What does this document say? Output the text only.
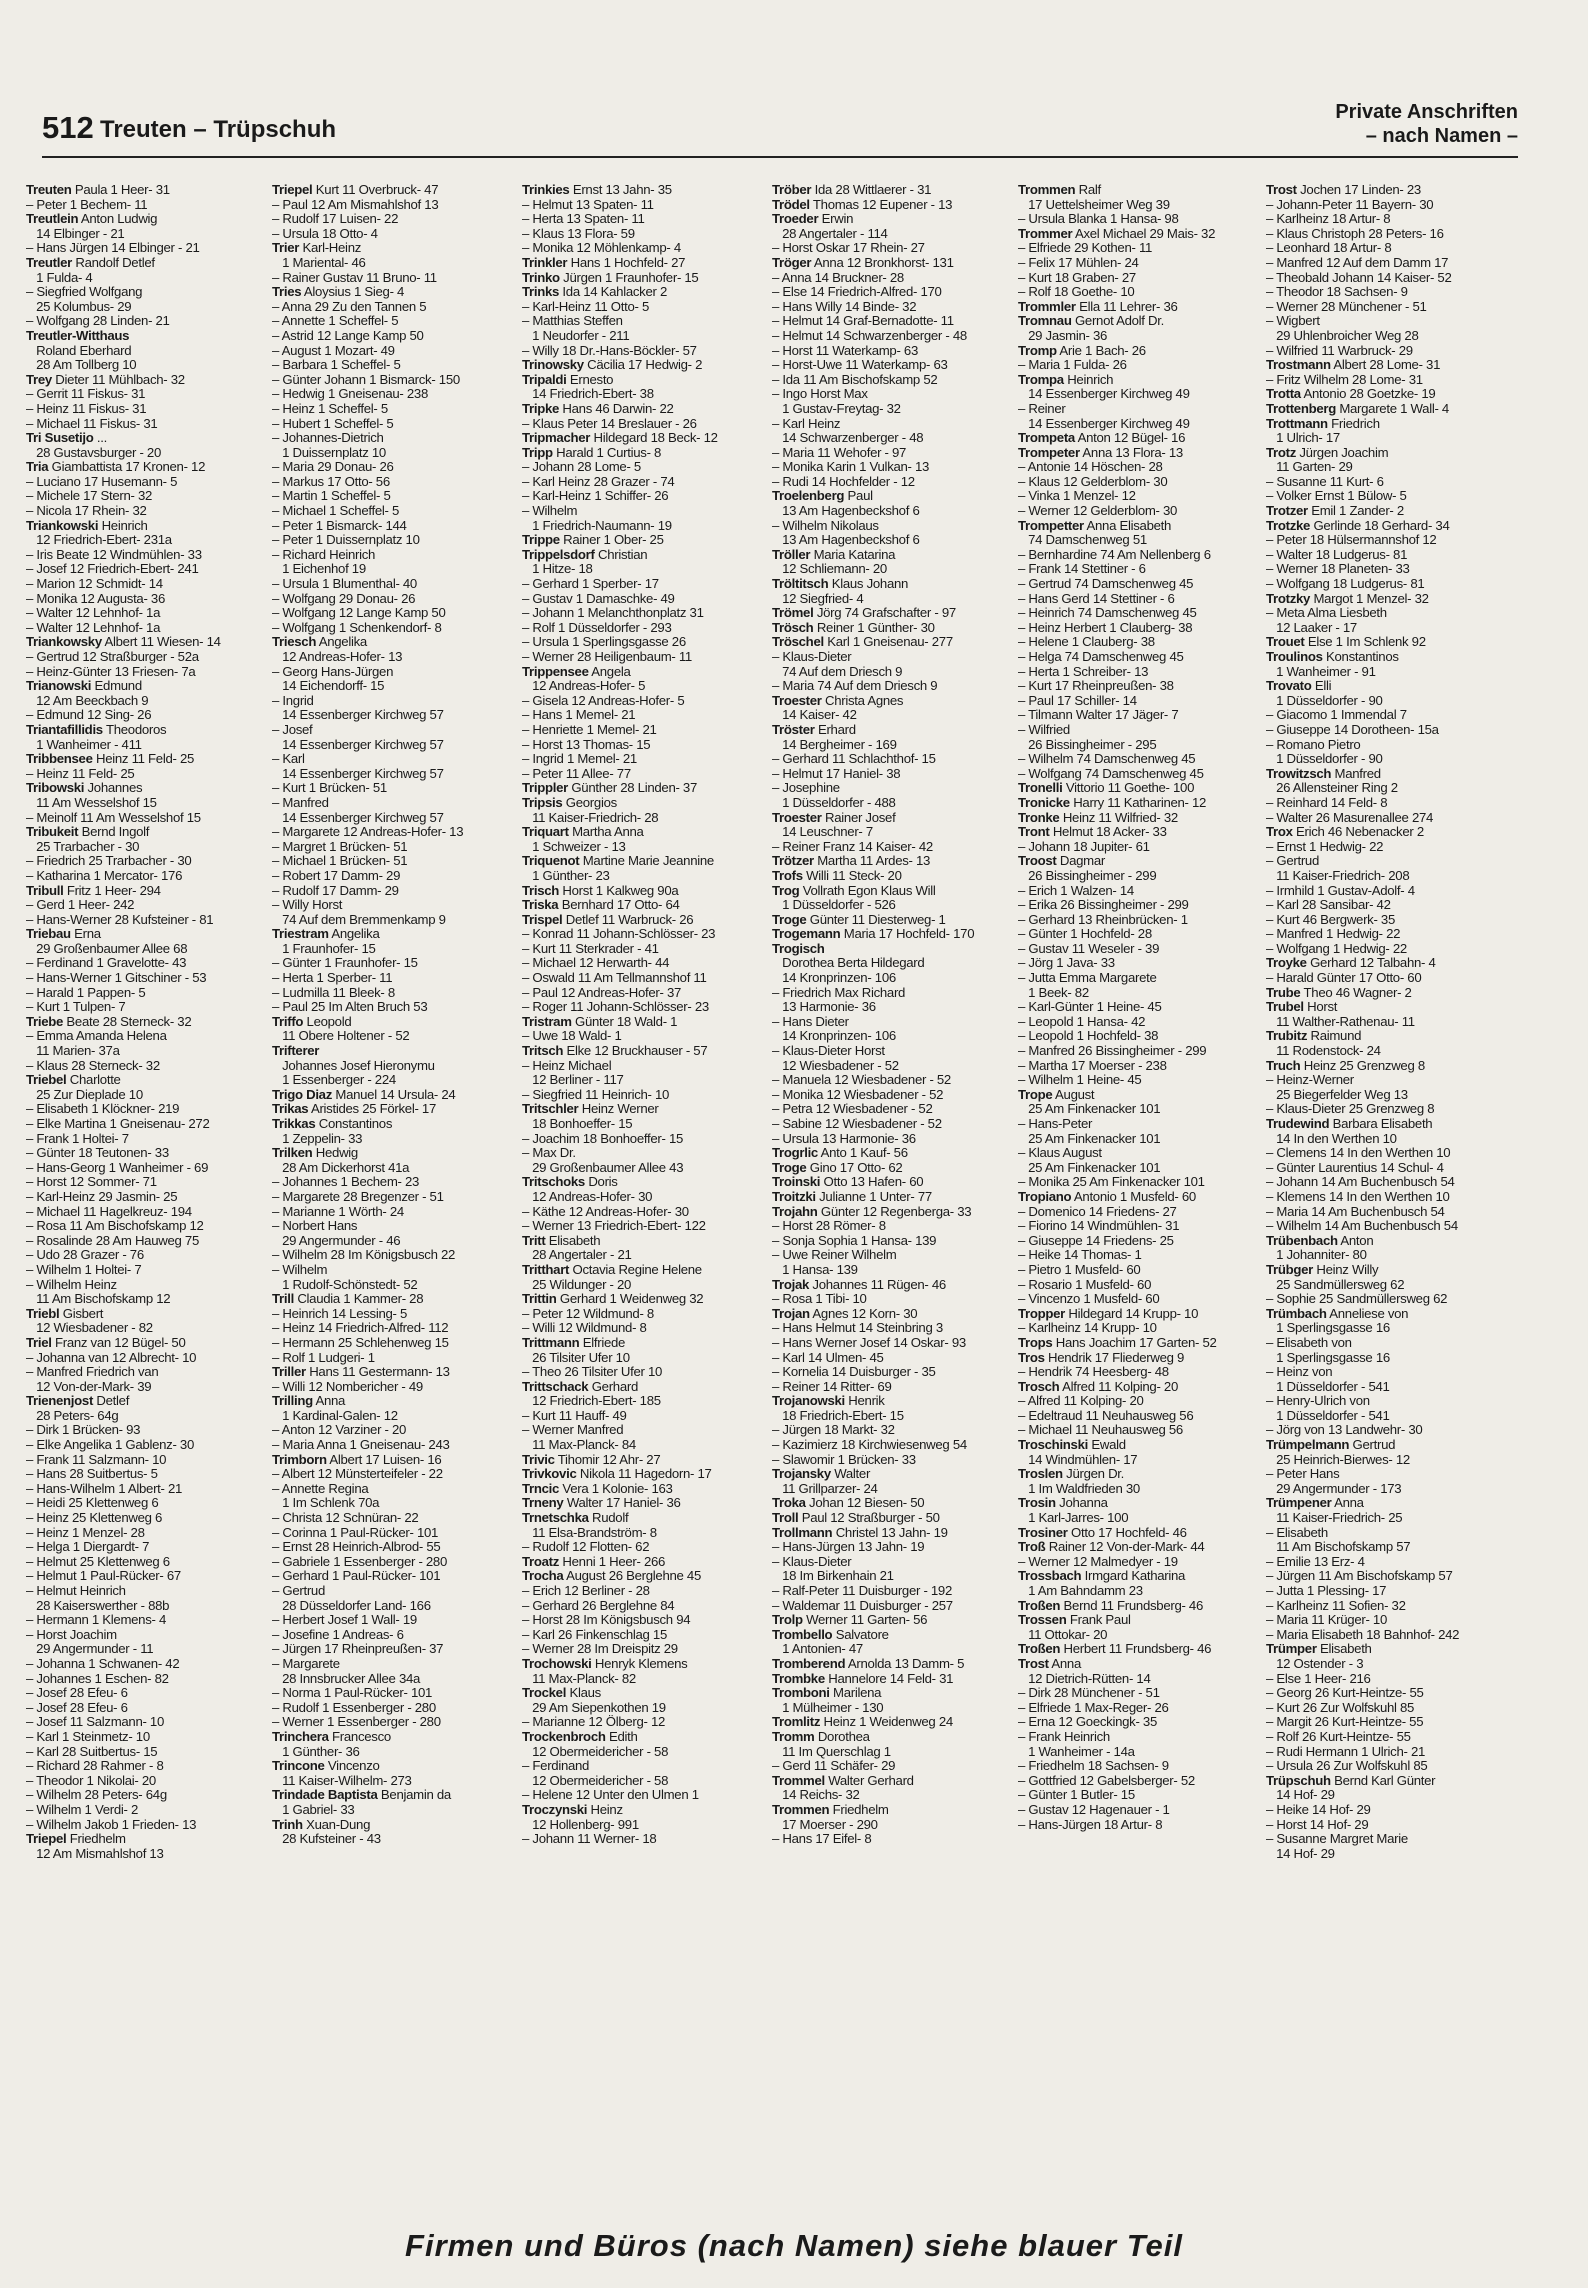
512 Treuten – Trüpschuh
Private Anschriften
– nach Namen –
Treuten Paula 1 Heer- 31
– Peter 1 Bechem- 11
Treutlein Anton Ludwig
14 Elbinger - 21
– Hans Jürgen 14 Elbinger - 21
Treutler Randolf Detlef
1 Fulda- 4
– Siegfried Wolfgang
25 Kolumbus- 29
– Wolfgang 28 Linden- 21
Treutler-Witthaus
Roland Eberhard
28 Am Tollberg 10
Trey Dieter 11 Mühlbach- 32
– Gerrit 11 Fiskus- 31
– Heinz 11 Fiskus- 31
– Michael 11 Fiskus- 31
Tri Susetijo ...
28 Gustavsburger - 20
Tria Giambattista 17 Kronen- 12
– Luciano 17 Husemann- 5
– Michele 17 Stern- 32
– Nicola 17 Rhein- 32
Triankowski Heinrich
12 Friedrich-Ebert- 231a
– Iris Beate 12 Windmühlen- 33
– Josef 12 Friedrich-Ebert- 241
– Marion 12 Schmidt- 14
– Monika 12 Augusta- 36
– Walter 12 Lehnhof- 1a
– Walter 12 Lehnhof- 1a
Triankowsky Albert 11 Wiesen- 14
– Gertrud 12 Straßburger - 52a
– Heinz-Günter 13 Friesen- 7a
Trianowski Edmund
12 Am Beeckbach 9
– Edmund 12 Sing- 26
Triantafillidis Theodoros
1 Wanheimer - 411
Tribbensee Heinz 11 Feld- 25
– Heinz 11 Feld- 25
Tribowski Johannes
11 Am Wesselshof 15
– Meinolf 11 Am Wesselshof 15
Tribukeit Bernd Ingolf
25 Trarbacher - 30
– Friedrich 25 Trarbacher - 30
– Katharina 1 Mercator- 176
Tribull Fritz 1 Heer- 294
– Gerd 1 Heer- 242
– Hans-Werner 28 Kufsteiner - 81
Triebau Erna
29 Großenbaumer Allee 68
– Ferdinand 1 Gravelotte- 43
– Hans-Werner 1 Gitschiner - 53
– Harald 1 Pappen- 5
– Kurt 1 Tulpen- 7
Triebe Beate 28 Sterneck- 32
– Emma Amanda Helena
11 Marien- 37a
– Klaus 28 Sterneck- 32
Triebel Charlotte
25 Zur Dieplade 10
– Elisabeth 1 Klöckner- 219
– Elke Martina 1 Gneisenau- 272
– Frank 1 Holtei- 7
– Günter 18 Teutonen- 33
– Hans-Georg 1 Wanheimer - 69
– Horst 12 Sommer- 71
– Karl-Heinz 29 Jasmin- 25
– Michael 11 Hagelkreuz- 194
– Rosa 11 Am Bischofskamp 12
– Rosalinde 28 Am Hauweg 75
– Udo 28 Grazer - 76
– Wilhelm 1 Holtei- 7
– Wilhelm Heinz
11 Am Bischofskamp 12
Triebl Gisbert
12 Wiesbadener - 82
Triel Franz van 12 Bügel- 50
– Johanna van 12 Albrecht- 10
– Manfred Friedrich van
12 Von-der-Mark- 39
Trienenjost Detlef
28 Peters- 64g
– Dirk 1 Brücken- 93
– Elke Angelika 1 Gablenz- 30
– Frank 11 Salzmann- 10
– Hans 28 Suitbertus- 5
– Hans-Wilhelm 1 Albert- 21
– Heidi 25 Klettenweg 6
– Heinz 25 Klettenweg 6
– Heinz 1 Menzel- 28
– Helga 1 Diergardt- 7
– Helmut 25 Klettenweg 6
– Helmut 1 Paul-Rücker- 67
– Helmut Heinrich
28 Kaiserswerther - 88b
– Hermann 1 Klemens- 4
– Horst Joachim
29 Angermunder - 11
– Johanna 1 Schwanen- 42
– Johannes 1 Eschen- 82
– Josef 28 Efeu- 6
– Josef 28 Efeu- 6
– Josef 11 Salzmann- 10
– Karl 1 Steinmetz- 10
– Karl 28 Suitbertus- 15
– Richard 28 Rahmer - 8
– Theodor 1 Nikolai- 20
– Wilhelm 28 Peters- 64g
– Wilhelm 1 Verdi- 2
– Wilhelm Jakob 1 Frieden- 13
Triepel Friedhelm
12 Am Mismahlshof 13
Triepel Kurt 11 Overbruck- 47
– Paul 12 Am Mismahlshof 13
– Rudolf 17 Luisen- 22
– Ursula 18 Otto- 4
Trier Karl-Heinz
1 Mariental- 46
– Rainer Gustav 11 Bruno- 11
Tries Aloysius 1 Sieg- 4
– Anna 29 Zu den Tannen 5
– Annette 1 Scheffel- 5
– Astrid 12 Lange Kamp 50
– August 1 Mozart- 49
– Barbara 1 Scheffel- 5
– Günter Johann 1 Bismarck- 150
– Hedwig 1 Gneisenau- 238
– Heinz 1 Scheffel- 5
– Hubert 1 Scheffel- 5
– Johannes-Dietrich
1 Duissernplatz 10
– Maria 29 Donau- 26
– Markus 17 Otto- 56
– Martin 1 Scheffel- 5
– Michael 1 Scheffel- 5
– Peter 1 Bismarck- 144
– Peter 1 Duissernplatz 10
– Richard Heinrich
1 Eichenhof 19
– Ursula 1 Blumenthal- 40
– Wolfgang 29 Donau- 26
– Wolfgang 12 Lange Kamp 50
– Wolfgang 1 Schenkendorf- 8
Triesch Angelika
12 Andreas-Hofer- 13
– Georg Hans-Jürgen
14 Eichendorff- 15
– Ingrid
14 Essenberger Kirchweg 57
– Josef
14 Essenberger Kirchweg 57
– Karl
14 Essenberger Kirchweg 57
– Kurt 1 Brücken- 51
– Manfred
14 Essenberger Kirchweg 57
– Margarete 12 Andreas-Hofer- 13
– Margret 1 Brücken- 51
– Michael 1 Brücken- 51
– Robert 17 Damm- 29
– Rudolf 17 Damm- 29
– Willy Horst
74 Auf dem Bremmenkamp 9
Triestram Angelika
1 Fraunhofer- 15
– Günter 1 Fraunhofer- 15
– Herta 1 Sperber- 11
– Ludmilla 11 Bleek- 8
– Paul 25 Im Alten Bruch 53
Triffo Leopold
11 Obere Holtener - 52
Trifterer
Johannes Josef Hieronymu
1 Essenberger - 224
Trigo Diaz Manuel 14 Ursula- 24
Trikas Aristides 25 Förkel- 17
Trikkas Constantinos
1 Zeppelin- 33
Trilken Hedwig
28 Am Dickerhorst 41a
– Johannes 1 Bechem- 23
– Margarete 28 Bregenzer - 51
– Marianne 1 Wörth- 24
– Norbert Hans
29 Angermunder - 46
– Wilhelm 28 Im Königsbusch 22
– Wilhelm
1 Rudolf-Schönstedt- 52
Trill Claudia 1 Kammer- 28
– Heinrich 14 Lessing- 5
– Heinz 14 Friedrich-Alfred- 112
– Hermann 25 Schlehenweg 15
– Rolf 1 Ludgeri- 1
Triller Hans 11 Gestermann- 13
– Willi 12 Nombericher - 49
Trilling Anna
1 Kardinal-Galen- 12
– Anton 12 Varziner - 20
– Maria Anna 1 Gneisenau- 243
Trimborn Albert 17 Luisen- 16
– Albert 12 Münsterteifeler - 22
– Annette Regina
1 Im Schlenk 70a
– Christa 12 Schnüran- 22
– Corinna 1 Paul-Rücker- 101
– Ernst 28 Heinrich-Albrod- 55
– Gabriele 1 Essenberger - 280
– Gerhard 1 Paul-Rücker- 101
– Gertrud
28 Düsseldorfer Land- 166
– Herbert Josef 1 Wall- 19
– Josefine 1 Andreas- 6
– Jürgen 17 Rheinpreußen- 37
– Margarete
28 Innsbrucker Allee 34a
– Norma 1 Paul-Rücker- 101
– Rudolf 1 Essenberger - 280
– Werner 1 Essenberger - 280
Trinchera Francesco
1 Günther- 36
Trincone Vincenzo
11 Kaiser-Wilhelm- 273
Trindade Baptista Benjamin da
1 Gabriel- 33
Trinh Xuan-Dung
28 Kufsteiner - 43
Trinkies Ernst 13 Jahn- 35
– Helmut 13 Spaten- 11
– Herta 13 Spaten- 11
– Klaus 13 Flora- 59
– Monika 12 Möhlenkamp- 4
Trinkler Hans 1 Hochfeld- 27
Trinko Jürgen 1 Fraunhofer- 15
Trinks Ida 14 Kahlacker 2
– Karl-Heinz 11 Otto- 5
– Matthias Steffen
1 Neudorfer - 211
– Willy 18 Dr.-Hans-Böckler- 57
Trinowsky Cäcilia 17 Hedwig- 2
Tripaldi Ernesto
14 Friedrich-Ebert- 38
Tripke Hans 46 Darwin- 22
– Klaus Peter 14 Breslauer - 26
Tripmacher Hildegard 18 Beck- 12
Tripp Harald 1 Curtius- 8
– Johann 28 Lome- 5
– Karl Heinz 28 Grazer - 74
– Karl-Heinz 1 Schiffer- 26
– Wilhelm
1 Friedrich-Naumann- 19
Trippe Rainer 1 Ober- 25
Trippelsdorf Christian
1 Hitze- 18
– Gerhard 1 Sperber- 17
– Gustav 1 Damaschke- 49
– Johann 1 Melanchthonplatz 31
– Rolf 1 Düsseldorfer - 293
– Ursula 1 Sperlingsgasse 26
– Werner 28 Heiligenbaum- 11
Trippensee Angela
12 Andreas-Hofer- 5
– Gisela 12 Andreas-Hofer- 5
– Hans 1 Memel- 21
– Henriette 1 Memel- 21
– Horst 13 Thomas- 15
– Ingrid 1 Memel- 21
– Peter 11 Allee- 77
Trippler Günther 28 Linden- 37
Tripsis Georgios
11 Kaiser-Friedrich- 28
Triquart Martha Anna
1 Schweizer - 13
Triquenot Martine Marie Jeannine
1 Günther- 23
Trisch Horst 1 Kalkweg 90a
Triska Bernhard 17 Otto- 64
Trispel Detlef 11 Warbruck- 26
– Konrad 11 Johann-Schlösser- 23
– Kurt 11 Sterkrader - 41
– Michael 12 Herwarth- 44
– Oswald 11 Am Tellmannshof 11
– Paul 12 Andreas-Hofer- 37
– Roger 11 Johann-Schlösser- 23
Tristram Günter 18 Wald- 1
– Uwe 18 Wald- 1
Tritsch Elke 12 Bruckhauser - 57
– Heinz Michael
12 Berliner - 117
– Siegfried 11 Heinrich- 10
Tritschler Heinz Werner
18 Bonhoeffer- 15
– Joachim 18 Bonhoeffer- 15
– Max Dr.
29 Großenbaumer Allee 43
Tritschoks Doris
12 Andreas-Hofer- 30
– Käthe 12 Andreas-Hofer- 30
– Werner 13 Friedrich-Ebert- 122
Tritt Elisabeth
28 Angertaler - 21
Tritthart Octavia Regine Helene
25 Wildunger - 20
Trittin Gerhard 1 Weidenweg 32
– Peter 12 Wildmund- 8
– Willi 12 Wildmund- 8
Trittmann Elfriede
26 Tilsiter Ufer 10
– Theo 26 Tilsiter Ufer 10
Trittschack Gerhard
12 Friedrich-Ebert- 185
– Kurt 11 Hauff- 49
– Werner Manfred
11 Max-Planck- 84
Trivic Tihomir 12 Ahr- 27
Trivkovic Nikola 11 Hagedorn- 17
Trncic Vera 1 Kolonie- 163
Trneny Walter 17 Haniel- 36
Trnetschka Rudolf
11 Elsa-Brandström- 8
– Rudolf 12 Flotten- 62
Troatz Henni 1 Heer- 266
Trocha August 26 Berglehne 45
– Erich 12 Berliner - 28
– Gerhard 26 Berglehne 84
– Horst 28 Im Königsbusch 94
– Karl 26 Finkenschlag 15
– Werner 28 Im Dreispitz 29
Trochowski Henryk Klemens
11 Max-Planck- 82
Trockel Klaus
29 Am Siepenkothen 19
– Marianne 12 Ölberg- 12
Trockenbroch Edith
12 Obermeidericher - 58
– Ferdinand
12 Obermeidericher - 58
– Helene 12 Unter den Ulmen 1
Troczynski Heinz
12 Hollenberg- 991
– Johann 11 Werner- 18
Tröber Ida 28 Wittlaerer - 31
Trödel Thomas 12 Eupener - 13
Troeder Erwin
28 Angertaler - 114
– Horst Oskar 17 Rhein- 27
Tröger Anna 12 Bronkhorst- 131
– Anna 14 Bruckner- 28
– Else 14 Friedrich-Alfred- 170
– Hans Willy 14 Binde- 32
– Helmut 14 Graf-Bernadotte- 11
– Helmut 14 Schwarzenberger - 48
– Horst 11 Waterkamp- 63
– Horst-Uwe 11 Waterkamp- 63
– Ida 11 Am Bischofskamp 52
– Ingo Horst Max
1 Gustav-Freytag- 32
– Karl Heinz
14 Schwarzenberger - 48
– Maria 11 Wehofer - 97
– Monika Karin 1 Vulkan- 13
– Rudi 14 Hochfelder - 12
Troelenberg Paul
13 Am Hagenbeckshof 6
– Wilhelm Nikolaus
13 Am Hagenbeckshof 6
Tröller Maria Katarina
12 Schliemann- 20
Tröltitsch Klaus Johann
12 Siegfried- 4
Trömel Jörg 74 Grafschafter - 97
Trösch Reiner 1 Günther- 30
Tröschel Karl 1 Gneisenau- 277
– Klaus-Dieter
74 Auf dem Driesch 9
– Maria 74 Auf dem Driesch 9
Troester Christa Agnes
14 Kaiser- 42
Tröster Erhard
14 Bergheimer - 169
– Gerhard 11 Schlachthof- 15
– Helmut 17 Haniel- 38
– Josephine
1 Düsseldorfer - 488
Troester Rainer Josef
14 Leuschner- 7
– Reiner Franz 14 Kaiser- 42
Trötzer Martha 11 Ardes- 13
Trofs Willi 11 Steck- 20
Trog Vollrath Egon Klaus Will
1 Düsseldorfer - 526
Troge Günter 11 Diesterweg- 1
Trogemann Maria 17 Hochfeld- 170
Trogisch
Dorothea Berta Hildegard
14 Kronprinzen- 106
– Friedrich Max Richard
13 Harmonie- 36
– Hans Dieter
14 Kronprinzen- 106
– Klaus-Dieter Horst
12 Wiesbadener - 52
– Manuela 12 Wiesbadener - 52
– Monika 12 Wiesbadener - 52
– Petra 12 Wiesbadener - 52
– Sabine 12 Wiesbadener - 52
– Ursula 13 Harmonie- 36
Trogrlic Anto 1 Kauf- 56
Troge Gino 17 Otto- 62
Troinski Otto 13 Hafen- 60
Troitzki Julianne 1 Unter- 77
Trojahn Günter 12 Regenberga- 33
– Horst 28 Römer- 8
– Sonja Sophia 1 Hansa- 139
– Uwe Reiner Wilhelm
1 Hansa- 139
Trojak Johannes 11 Rügen- 46
– Rosa 1 Tibi- 10
Trojan Agnes 12 Korn- 30
– Hans Helmut 14 Steinbring 3
– Hans Werner Josef 14 Oskar- 93
– Karl 14 Ulmen- 45
– Kornelia 14 Duisburger - 35
– Reiner 14 Ritter- 69
Trojanowski Henrik
18 Friedrich-Ebert- 15
– Jürgen 18 Markt- 32
– Kazimierz 18 Kirchwiesenweg 54
– Slawomir 1 Brücken- 33
Trojansky Walter
11 Grillparzer- 24
Troka Johan 12 Biesen- 50
Troll Paul 12 Straßburger - 50
Trollmann Christel 13 Jahn- 19
– Hans-Jürgen 13 Jahn- 19
– Klaus-Dieter
18 Im Birkenhain 21
– Ralf-Peter 11 Duisburger - 192
– Waldemar 11 Duisburger - 257
Trolp Werner 11 Garten- 56
Trombello Salvatore
1 Antonien- 47
Tromberend Arnolda 13 Damm- 5
Trombke Hannelore 14 Feld- 31
Tromboni Marilena
1 Mülheimer - 130
Tromlitz Heinz 1 Weidenweg 24
Tromm Dorothea
11 Im Querschlag 1
– Gerd 11 Schäfer- 29
Trommel Walter Gerhard
14 Reichs- 32
Trommen Friedhelm
17 Moerser - 290
– Hans 17 Eifel- 8
Trommen Ralf
17 Uettelsheimer Weg 39
– Ursula Blanka 1 Hansa- 98
Trommer Axel Michael 29 Mais- 32
– Elfriede 29 Kothen- 11
– Felix 17 Mühlen- 24
– Kurt 18 Graben- 27
– Rolf 18 Goethe- 10
Trommler Ella 11 Lehrer- 36
Tromnau Gernot Adolf Dr.
29 Jasmin- 36
Tromp Arie 1 Bach- 26
– Maria 1 Fulda- 26
Trompa Heinrich
14 Essenberger Kirchweg 49
– Reiner
14 Essenberger Kirchweg 49
Trompeta Anton 12 Bügel- 16
Trompeter Anna 13 Flora- 13
– Antonie 14 Höschen- 28
– Klaus 12 Gelderblom- 30
– Vinka 1 Menzel- 12
– Werner 12 Gelderblom- 30
Trompetter Anna Elisabeth
74 Damschenweg 51
– Bernhardine 74 Am Nellenberg 6
– Frank 14 Stettiner - 6
– Gertrud 74 Damschenweg 45
– Hans Gerd 14 Stettiner - 6
– Heinrich 74 Damschenweg 45
– Heinz Herbert 1 Clauberg- 38
– Helene 1 Clauberg- 38
– Helga 74 Damschenweg 45
– Herta 1 Schreiber- 13
– Kurt 17 Rheinpreußen- 38
– Paul 17 Schiller- 14
– Tilmann Walter 17 Jäger- 7
– Wilfried
26 Bissingheimer - 295
– Wilhelm 74 Damschenweg 45
– Wolfgang 74 Damschenweg 45
Tronelli Vittorio 11 Goethe- 100
Tronicke Harry 11 Katharinen- 12
Tronke Heinz 11 Wilfried- 32
Tront Helmut 18 Acker- 33
– Johann 18 Jupiter- 61
Troost Dagmar
26 Bissingheimer - 299
– Erich 1 Walzen- 14
– Erika 26 Bissingheimer - 299
– Gerhard 13 Rheinbrücken- 1
– Günter 1 Hochfeld- 28
– Gustav 11 Weseler - 39
– Jörg 1 Java- 33
– Jutta Emma Margarete
1 Beek- 82
– Karl-Günter 1 Heine- 45
– Leopold 1 Hansa- 42
– Leopold 1 Hochfeld- 38
– Manfred 26 Bissingheimer - 299
– Martha 17 Moerser - 238
– Wilhelm 1 Heine- 45
Trope August
25 Am Finkenacker 101
– Hans-Peter
25 Am Finkenacker 101
– Klaus August
25 Am Finkenacker 101
– Monika 25 Am Finkenacker 101
Tropiano Antonio 1 Musfeld- 60
– Domenico 14 Friedens- 27
– Fiorino 14 Windmühlen- 31
– Giuseppe 14 Friedens- 25
– Heike 14 Thomas- 1
– Pietro 1 Musfeld- 60
– Rosario 1 Musfeld- 60
– Vincenzo 1 Musfeld- 60
Tropper Hildegard 14 Krupp- 10
– Karlheinz 14 Krupp- 10
Trops Hans Joachim 17 Garten- 52
Tros Hendrik 17 Fliederweg 9
– Hendrik 74 Heesberg- 48
Trosch Alfred 11 Kolping- 20
– Alfred 11 Kolping- 20
– Edeltraud 11 Neuhausweg 56
– Michael 11 Neuhausweg 56
Troschinski Ewald
14 Windmühlen- 17
Troslen Jürgen Dr.
1 Im Waldfrieden 30
Trosin Johanna
1 Karl-Jarres- 100
Trosiner Otto 17 Hochfeld- 46
Troß Rainer 12 Von-der-Mark- 44
– Werner 12 Malmedyer - 19
Trossbach Irmgard Katharina
1 Am Bahndamm 23
Troßen Bernd 11 Frundsberg- 46
Trossen Frank Paul
11 Ottokar- 20
Troßen Herbert 11 Frundsberg- 46
Trost Anna
12 Dietrich-Rütten- 14
– Dirk 28 Münchener - 51
– Elfriede 1 Max-Reger- 26
– Erna 12 Goeckingk- 35
– Frank Heinrich
1 Wanheimer - 14a
– Friedhelm 18 Sachsen- 9
– Gottfried 12 Gabelsberger- 52
– Günter 1 Butler- 15
– Gustav 12 Hagenauer - 1
– Hans-Jürgen 18 Artur- 8
Trost Jochen 17 Linden- 23
– Johann-Peter 11 Bayern- 30
– Karlheinz 18 Artur- 8
– Klaus Christoph 28 Peters- 16
– Leonhard 18 Artur- 8
– Manfred 12 Auf dem Damm 17
– Theobald Johann 14 Kaiser- 52
– Theodor 18 Sachsen- 9
– Werner 28 Münchener - 51
– Wigbert
29 Uhlenbroicher Weg 28
– Wilfried 11 Warbruck- 29
Trostmann Albert 28 Lome- 31
– Fritz Wilhelm 28 Lome- 31
Trotta Antonio 28 Goetzke- 19
Trottenberg Margarete 1 Wall- 4
Trottmann Friedrich
1 Ulrich- 17
Trotz Jürgen Joachim
11 Garten- 29
– Susanne 11 Kurt- 6
– Volker Ernst 1 Bülow- 5
Trotzer Emil 1 Zander- 2
Trotzke Gerlinde 18 Gerhard- 34
– Peter 18 Hülsermannshof 12
– Walter 18 Ludgerus- 81
– Werner 18 Planeten- 33
– Wolfgang 18 Ludgerus- 81
Trotzky Margot 1 Menzel- 32
– Meta Alma Liesbeth
12 Laaker - 17
Trouet Else 1 Im Schlenk 92
Troulinos Konstantinos
1 Wanheimer - 91
Trovato Elli
1 Düsseldorfer - 90
– Giacomo 1 Immendal 7
– Giuseppe 14 Dorotheen- 15a
– Romano Pietro
1 Düsseldorfer - 90
Trowitzsch Manfred
26 Allensteiner Ring 2
– Reinhard 14 Feld- 8
– Walter 26 Masurenallee 274
Trox Erich 46 Nebenacker 2
– Ernst 1 Hedwig- 22
– Gertrud
11 Kaiser-Friedrich- 208
– Irmhild 1 Gustav-Adolf- 4
– Karl 28 Sansibar- 42
– Kurt 46 Bergwerk- 35
– Manfred 1 Hedwig- 22
– Wolfgang 1 Hedwig- 22
Troyke Gerhard 12 Talbahn- 4
– Harald Günter 17 Otto- 60
Trube Theo 46 Wagner- 2
Trubel Horst
11 Walther-Rathenau- 11
Trubitz Raimund
11 Rodenstock- 24
Truch Heinz 25 Grenzweg 8
– Heinz-Werner
25 Biegerfelder Weg 13
– Klaus-Dieter 25 Grenzweg 8
Trudewind Barbara Elisabeth
14 In den Werthen 10
– Clemens 14 In den Werthen 10
– Günter Laurentius 14 Schul- 4
– Johann 14 Am Buchenbusch 54
– Klemens 14 In den Werthen 10
– Maria 14 Am Buchenbusch 54
– Wilhelm 14 Am Buchenbusch 54
Trübenbach Anton
1 Johanniter- 80
Trübger Heinz Willy
25 Sandmüllersweg 62
– Sophie 25 Sandmüllersweg 62
Trümbach Anneliese von
1 Sperlingsgasse 16
– Elisabeth von
1 Sperlingsgasse 16
– Heinz von
1 Düsseldorfer - 541
– Henry-Ulrich von
1 Düsseldorfer - 541
– Jörg von 13 Landwehr- 30
Trümpelmann Gertrud
25 Heinrich-Bierwes- 12
– Peter Hans
29 Angermunder - 173
Trümpener Anna
11 Kaiser-Friedrich- 25
– Elisabeth
11 Am Bischofskamp 57
– Emilie 13 Erz- 4
– Jürgen 11 Am Bischofskamp 57
– Jutta 1 Plessing- 17
– Karlheinz 11 Sofien- 32
– Maria 11 Krüger- 10
– Maria Elisabeth 18 Bahnhof- 242
Trümper Elisabeth
12 Ostender - 3
– Else 1 Heer- 216
– Georg 26 Kurt-Heintze- 55
– Kurt 26 Zur Wolfskuhl 85
– Margit 26 Kurt-Heintze- 55
– Rolf 26 Kurt-Heintze- 55
– Rudi Hermann 1 Ulrich- 21
– Ursula 26 Zur Wolfskuhl 85
Trüpschuh Bernd Karl Günter
14 Hof- 29
– Heike 14 Hof- 29
– Horst 14 Hof- 29
– Susanne Margret Marie
14 Hof- 29
Firmen und Büros (nach Namen) siehe blauer Teil
